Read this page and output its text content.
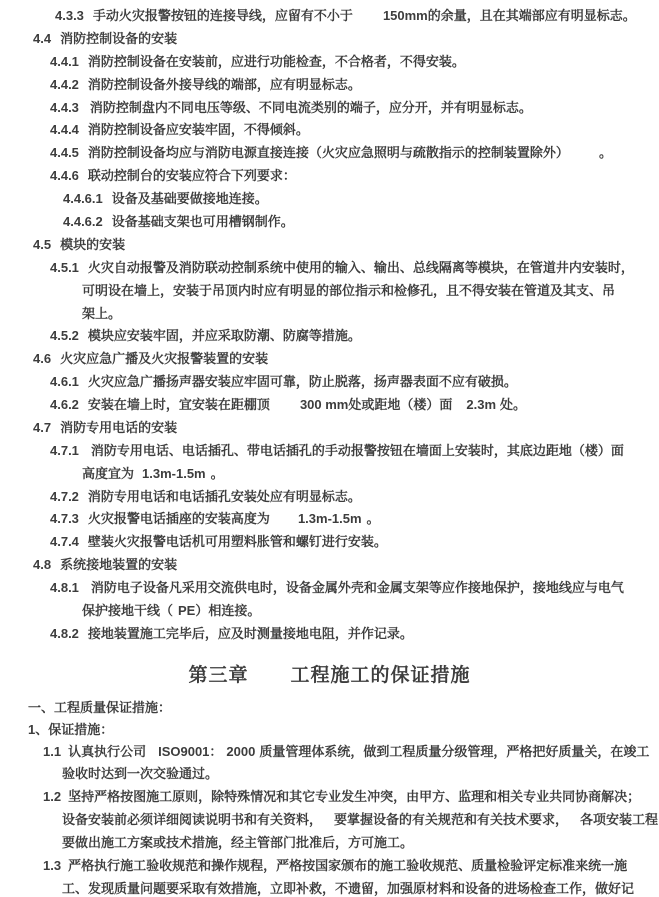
第三章 工程施工的保证措施
4.3.3 手动火灾报警按钮的连接导线，应留有不小于 150mm的余量，且在其端部应有明显标志。
4.4 消防控制设备的安装
4.4.1 消防控制设备在安装前，应进行功能检查，不合格者，不得安装。
4.4.2 消防控制设备外接导线的端部，应有明显标志。
4.4.3 消防控制盘内不同电压等级、不同电流类别的端子，应分开，并有明显标志。
4.4.4 消防控制设备应安装牢固，不得倾斜。
4.4.5 消防控制设备均应与消防电源直接连接（火灾应急照明与疏散指示的控制装置除外） 。
4.4.6 联动控制台的安装应符合下列要求：
4.4.6.1 设备及基础要做接地连接。
4.4.6.2 设备基础支架也可用槽钢制作。
4.5 模块的安装
4.5.1 火灾自动报警及消防联动控制系统中使用的输入、输出、总线隔离等模块，在管道井内安装时，
可明设在墙上，安装于吊顶内时应有明显的部位指示和检修孔，且不得安装在管道及其支、吊
架上。
4.5.2 模块应安装牢固，并应采取防潮、防腐等措施。
4.6 火灾应急广播及火灾报警装置的安装
4.6.1 火灾应急广播扬声器安装应牢固可靠，防止脱落，扬声器表面不应有破损。
4.6.2 安装在墙上时，宜安装在距棚顶 300 mm处或距地（楼）面 2.3m 处。
4.7 消防专用电话的安装
4.7.1 消防专用电话、电话插孔、带电话插孔的手动报警按钮在墙面上安装时，其底边距地（楼）面
高度宜为 1.3m-1.5m 。
4.7.2 消防专用电话和电话插孔安装处应有明显标志。
4.7.3 火灾报警电话插座的安装高度为 1.3m-1.5m 。
4.7.4 壁装火灾报警电话机可用塑料胀管和螺钉进行安装。
4.8 系统接地装置的安装
4.8.1 消防电子设备凡采用交流供电时，设备金属外壳和金属支架等应作接地保护，接地线应与电气
保护接地干线（ PE）相连接。
4.8.2 接地装置施工完毕后，应及时测量接地电阻，并作记录。
一、工程质量保证措施：
1、保证措施：
1.1 认真执行公司 ISO9001： 2000 质量管理体系统，做到工程质量分级管理，严格把好质量关，在竣工
验收时达到一次交验通过。
1.2 坚持严格按图施工原则，除特殊情况和其它专业发生冲突，由甲方、监理和相关专业共同协商解决；
设备安装前必须详细阅读说明书和有关资料， 要掌握设备的有关规范和有关技术要求， 各项安装工程
要做出施工方案或技术措施，经主管部门批准后，方可施工。
1.3 严格执行施工验收规范和操作规程，严格按国家颁布的施工验收规范、质量检验评定标准来统一施
工、发现质量问题要采取有效措施，立即补救，不遗留，加强原材料和设备的进场检查工作，做好记
